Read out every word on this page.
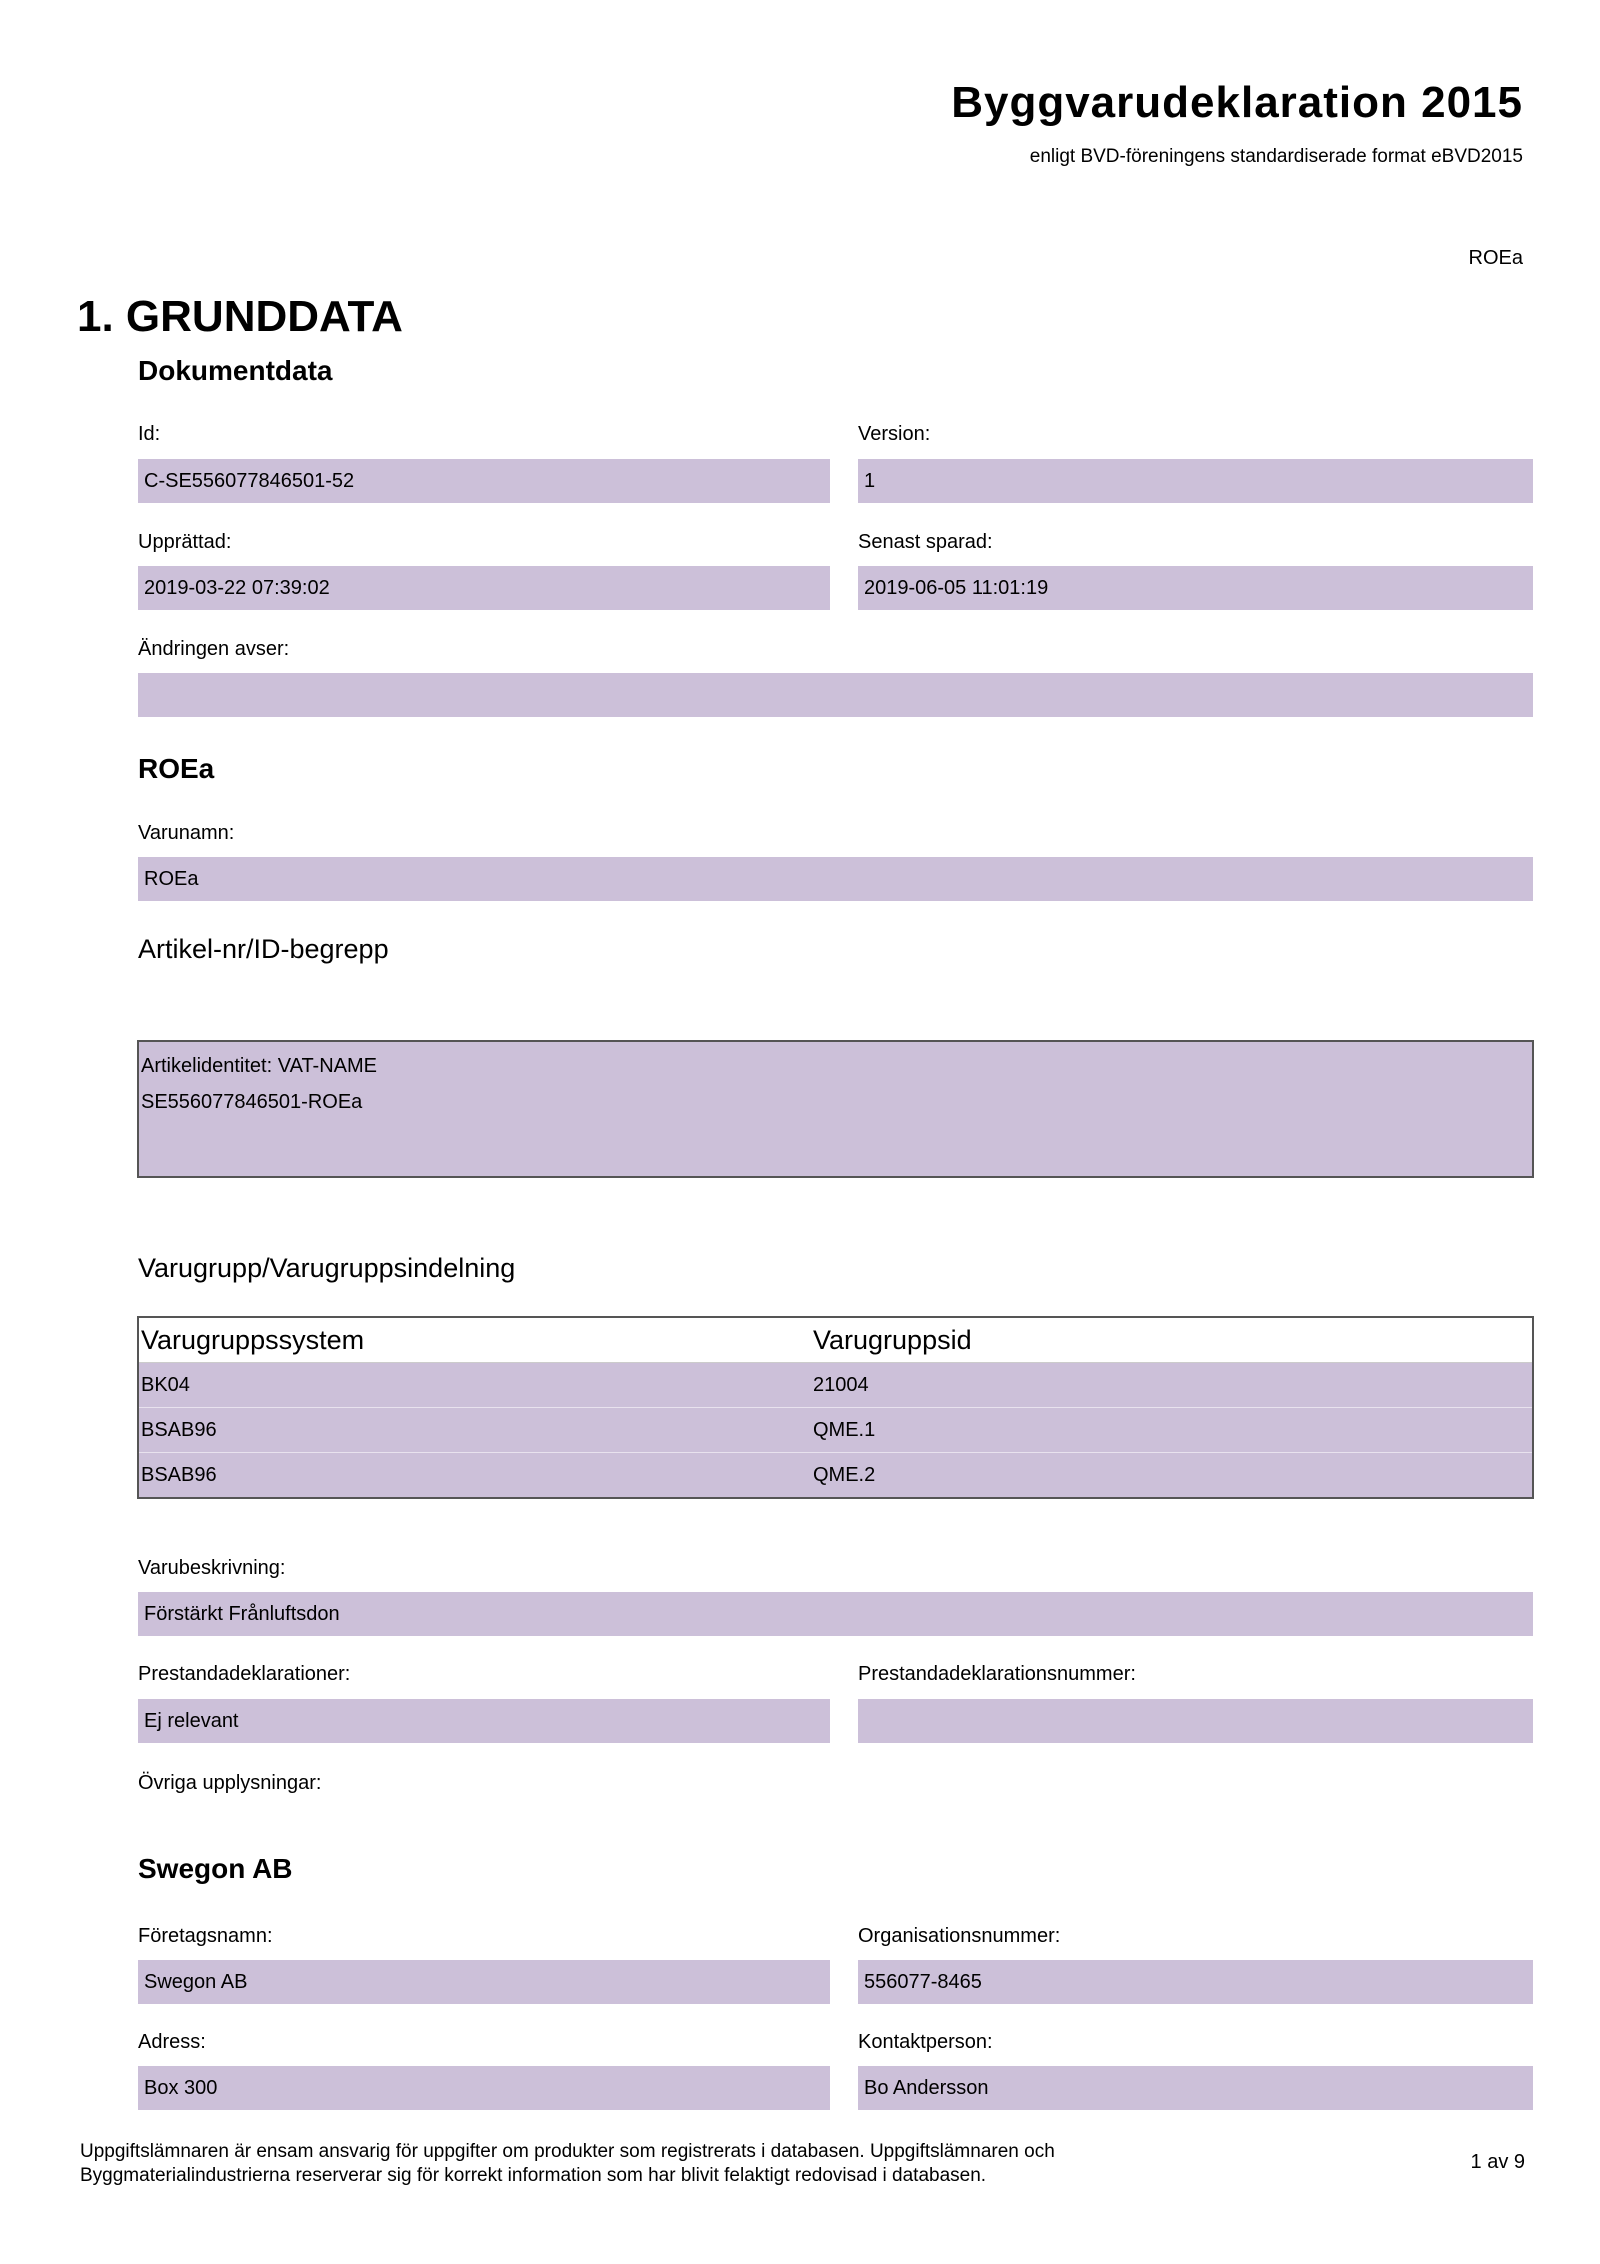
Byggvarudeklaration 2015
enligt BVD-föreningens standardiserade format eBVD2015
ROEa
1. GRUNDDATA
Dokumentdata
Id:	Version:
C-SE556077846501-52	1
Upprättad:	Senast sparad:
2019-03-22 07:39:02	2019-06-05 11:01:19
Ändringen avser:
ROEa
Varunamn:
ROEa
Artikel-nr/ID-begrepp
Artikelidentitet: VAT-NAME
SE556077846501-ROEa
Varugrupp/Varugruppsindelning
Varugruppssystem	Varugruppsid
BK04	21004
BSAB96	QME.1
BSAB96	QME.2
Varubeskrivning:
Förstärkt Frånluftsdon
Prestandadeklarationer:	Prestandadeklarationsnummer:
Ej relevant
Övriga upplysningar:
Swegon AB
Företagsnamn:	Organisationsnummer:
Swegon AB	556077-8465
Adress:	Kontaktperson:
Box 300	Bo Andersson
Uppgiftslämnaren är ensam ansvarig för uppgifter om produkter som registrerats i databasen. Uppgiftslämnaren och
Byggmaterialindustrierna reserverar sig för korrekt information som har blivit felaktigt redovisad i databasen.
1 av 9
